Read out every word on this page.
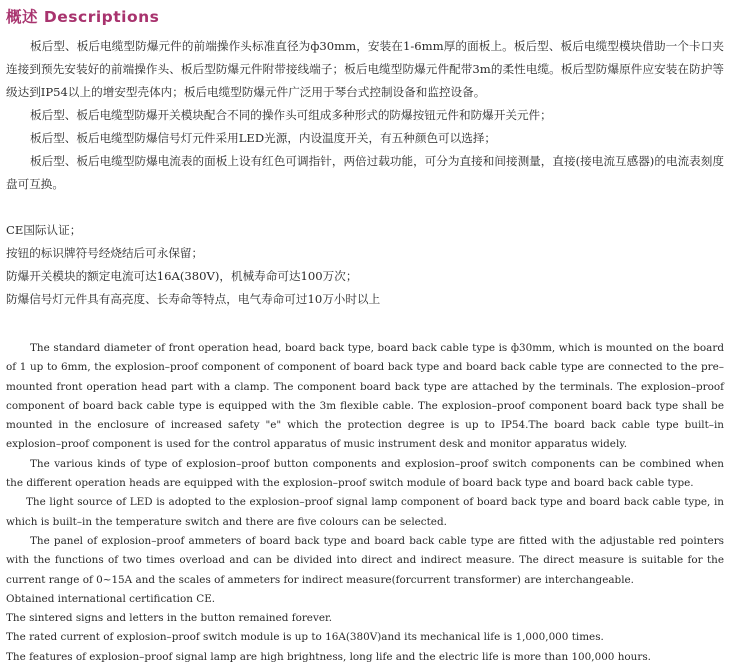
概述 Descriptions

板后型、板后电缆型防爆元件的前端操作头标准直径为ф30mm，安装在1-6mm厚的面板上。板后型、板后电缆型模块借助一个卡口夹连接到预先安装好的前端操作头、板后型防爆元件附带接线端子；板后电缆型防爆元件配带3m的柔性电缆。板后型防爆原件应安装在防护等级达到IP54以上的增安型壳体内；板后电缆型防爆元件广泛用于琴台式控制设备和监控设备。

板后型、板后电缆型防爆开关模块配合不同的操作头可组成多种形式的防爆按钮元件和防爆开关元件；

板后型、板后电缆型防爆信号灯元件采用LED光源，内设温度开关，有五种颜色可以选择；

板后型、板后电缆型防爆电流表的面板上设有红色可调指针，两倍过载功能，可分为直接和间接测量，直接(接电流互感器)的电流表刻度盘可互换。

CE国际认证；

按钮的标识牌符号经烧结后可永保留；

防爆开关模块的额定电流可达16A(380V)，机械寿命可达100万次；

防爆信号灯元件具有高亮度、长寿命等特点，电气寿命可过10万小时以上

The standard diameter of front operation head, board back type, board back cable type is ф30mm, which is mounted on the board of 1 up to 6mm, the explosion–proof component of component of board back type and board back cable type are connected to the pre–mounted front operation head part with a clamp. The component board back type are attached by the terminals. The explosion–proof component of board back cable type is equipped with the 3m flexible cable. The explosion–proof component board back type shall be mounted in the enclosure of increased safety "e" which the protection degree is up to IP54.The board back cable type built–in explosion–proof component is used for the control apparatus of music instrument desk and monitor apparatus widely.

The various kinds of type of explosion–proof button components and explosion–proof switch components can be combined when the different operation heads are equipped with the explosion–proof switch module of board back type and board back cable type.

The light source of LED is adopted to the explosion–proof signal lamp component of board back type and board back cable type, in which is built–in the temperature switch and there are five colours can be selected.

The panel of explosion–proof ammeters of board back type and board back cable type are fitted with the adjustable red pointers with the functions of two times overload and can be divided into direct and indirect measure. The direct measure is suitable for the current range of 0~15A and the scales of ammeters for indirect measure(forcurrent transformer) are interchangeable.

Obtained international certification CE.

The sintered signs and letters in the button remained forever.

The rated current of explosion–proof switch module is up to 16A(380V)and its mechanical life is 1,000,000 times.

The features of explosion–proof signal lamp are high brightness, long life and the electric life is more than 100,000 hours.
